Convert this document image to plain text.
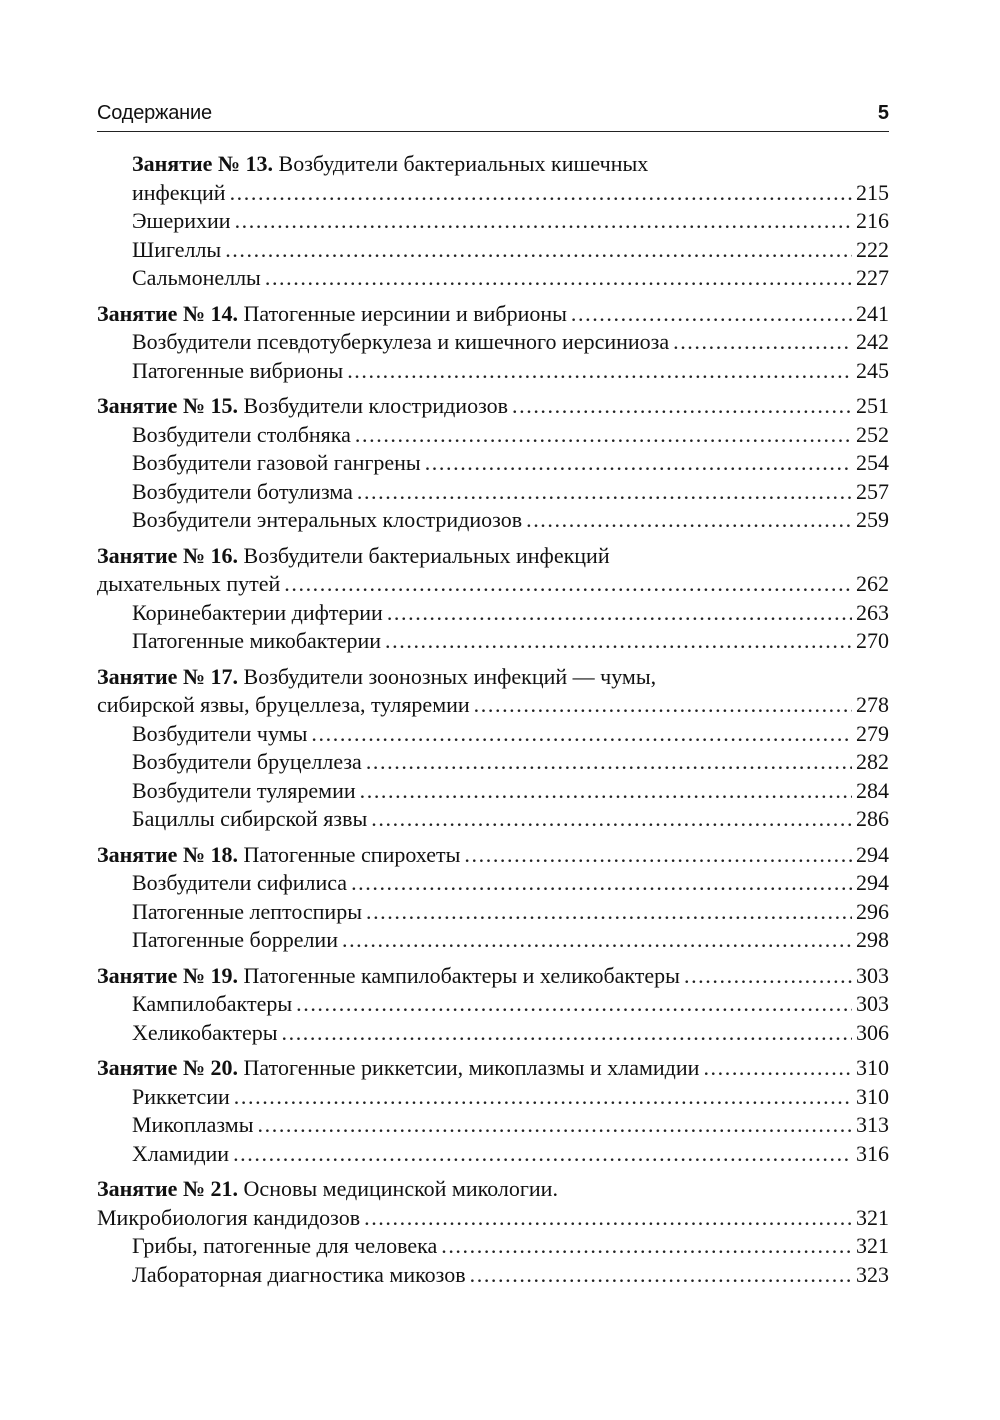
Содержание	5
Занятие № 13. Возбудители бактериальных кишечных
инфекций .....	215
Эшерихии .....	216
Шигеллы .....	222
Сальмонеллы .....	227
Занятие № 14. Патогенные иерсинии и вибрионы .....	241
Возбудители псевдотуберкулеза и кишечного иерсиниоза .....	242
Патогенные вибрионы .....	245
Занятие № 15. Возбудители клостридиозов .....	251
Возбудители столбняка .....	252
Возбудители газовой гангрены .....	254
Возбудители ботулизма .....	257
Возбудители энтеральных клостридиозов .....	259
Занятие № 16. Возбудители бактериальных инфекций
дыхательных путей .....	262
Коринебактерии дифтерии .....	263
Патогенные микобактерии .....	270
Занятие № 17. Возбудители зоонозных инфекций — чумы,
сибирской язвы, бруцеллеза, туляремии .....	278
Возбудители чумы .....	279
Возбудители бруцеллеза .....	282
Возбудители туляремии .....	284
Бациллы сибирской язвы .....	286
Занятие № 18. Патогенные спирохеты .....	294
Возбудители сифилиса .....	294
Патогенные лептоспиры .....	296
Патогенные боррелии .....	298
Занятие № 19. Патогенные кампилобактеры и хеликобактеры .....	303
Кампилобактеры .....	303
Хеликобактеры .....	306
Занятие № 20. Патогенные риккетсии, микоплазмы и хламидии .....	310
Риккетсии .....	310
Микоплазмы .....	313
Хламидии .....	316
Занятие № 21. Основы медицинской микологии.
Микробиология кандидозов .....	321
Грибы, патогенные для человека .....	321
Лабораторная диагностика микозов .....	323
